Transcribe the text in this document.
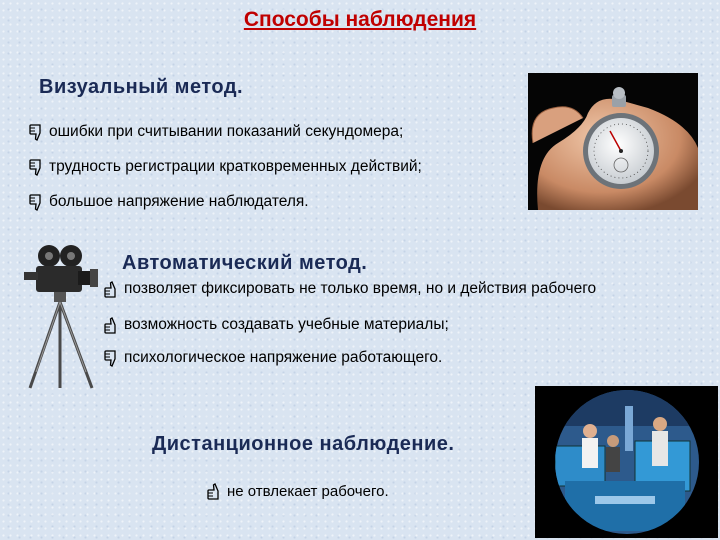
Способы наблюдения
Визуальный метод.
ошибки при считывании показаний секундомера;
трудность регистрации кратковременных действий;
большое напряжение наблюдателя.
Автоматический метод.
позволяет фиксировать не только время, но и действия рабочего
возможность создавать учебные материалы;
психологическое напряжение работающего.
Дистанционное наблюдение.
не отвлекает рабочего.
